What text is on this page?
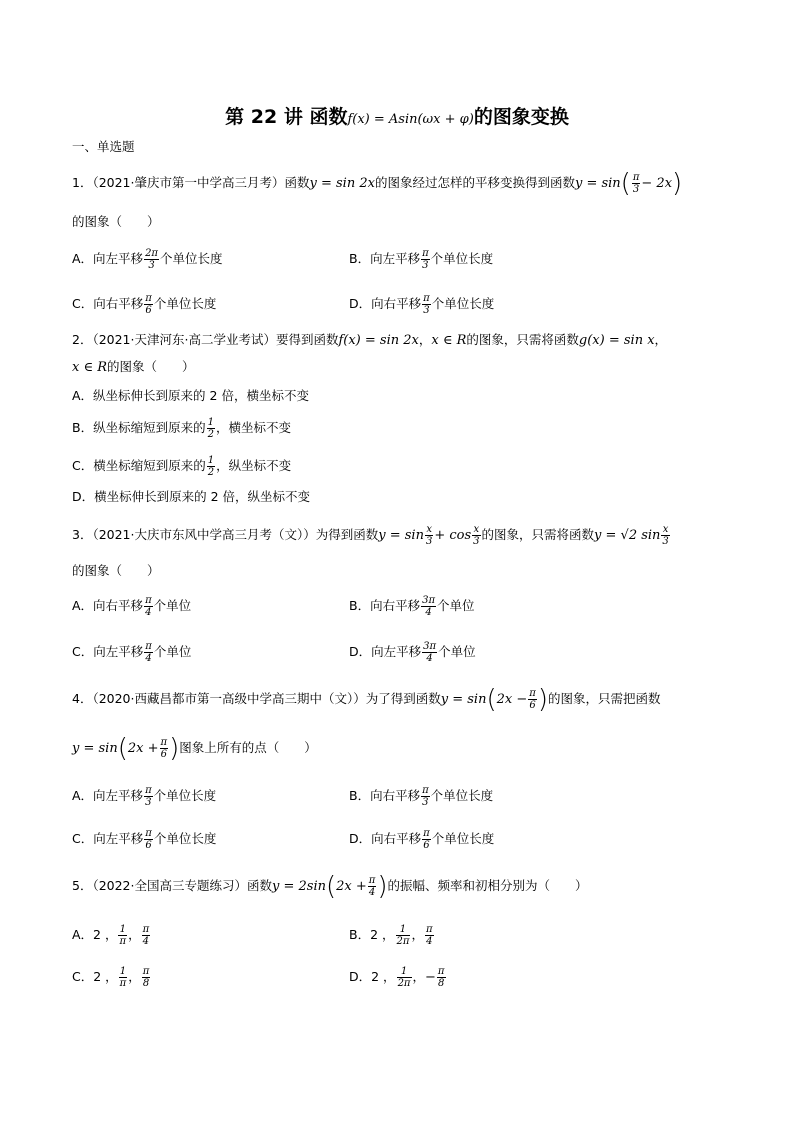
第 22 讲 函数f(x) = Asin(ωx + φ)的图象变换
一、单选题
1．（2021·肇庆市第一中学高三月考）函数y = sin 2x的图象经过怎样的平移变换得到函数$y = \sin( \frac{\pi}{3} - 2x)$
的图象（　　）
A．向左平移 $\frac{2\pi}{3}$ 个单位长度	B．向左平移 $\frac{\pi}{3}$ 个单位长度
C．向右平移 $\frac{\pi}{6}$ 个单位长度	D．向右平移 $\frac{\pi}{3}$ 个单位长度
2．（2021·天津河东·高二学业考试）要得到函数f(x) = sin 2x，x ∈ R的图象，只需将函数g(x) = sin x，
x ∈ R的图象（　　）
A．纵坐标伸长到原来的 2 倍，横坐标不变
B．纵坐标缩短到原来的 $\frac{1}{2}$ ，横坐标不变
C．横坐标缩短到原来的 $\frac{1}{2}$ ，纵坐标不变
D．横坐标伸长到原来的 2 倍，纵坐标不变
3．（2021·大庆市东风中学高三月考（文））为得到函数$y = \sin \frac{x}{3} + \cos \frac{x}{3}$ 的图象，只需将函数y = √2 $\sin \frac{x}{3}$
的图象（　　）
A．向右平移 $\frac{\pi}{4}$ 个单位	B．向右平移 $\frac{3\pi}{4}$ 个单位
C．向左平移 $\frac{\pi}{4}$ 个单位	D．向左平移 $\frac{3\pi}{4}$ 个单位
4．（2020·西藏昌都市第一高级中学高三期中（文））为了得到函数$y = \sin(2x - \frac{\pi}{6}$ )的图象，只需把函数
$y = \sin(2x + \frac{\pi}{6}$ )图象上所有的点（　　）
A．向左平移 $\frac{\pi}{3}$ 个单位长度	B．向右平移 $\frac{\pi}{3}$ 个单位长度
C．向左平移 $\frac{\pi}{6}$ 个单位长度	D．向右平移 $\frac{\pi}{6}$ 个单位长度
5．（2022·全国高三专题练习）函数$y = 2\sin(2x + \frac{\pi}{4}$ )的振幅、频率和初相分别为（　　）
A．2 ， $\frac{1}{\pi}$ ， $\frac{\pi}{4}$	B．2 ， $\frac{1}{2\pi}$ ， $\frac{\pi}{4}$
C．2 ， $\frac{1}{\pi}$ ， $\frac{\pi}{8}$	D．2 ， $\frac{1}{2\pi}$ ，− $\frac{\pi}{8}$
